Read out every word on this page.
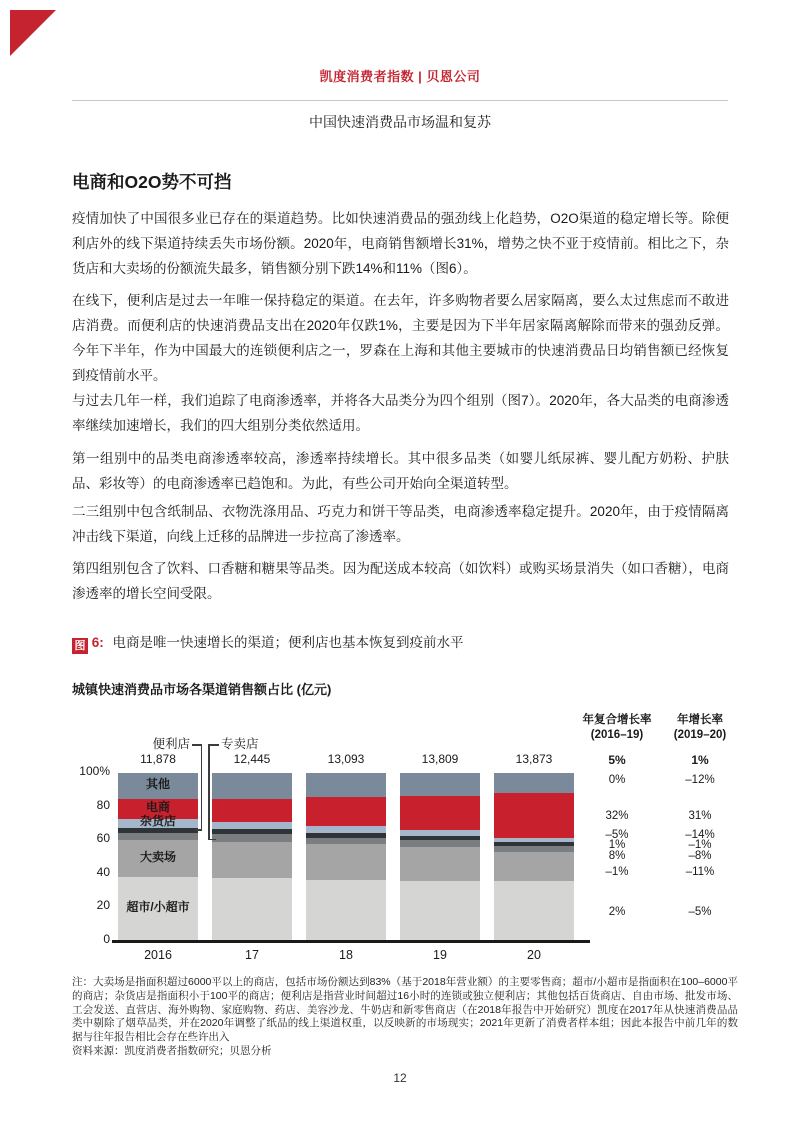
凯度消费者指数 | 贝恩公司
中国快速消费品市场温和复苏
电商和O2O势不可挡

疫情加快了中国很多业已存在的渠道趋势。比如快速消费品的强劲线上化趋势，O2O渠道的稳定增长等。除便利店外的线下渠道持续丢失市场份额。2020年，电商销售额增长31%，增势之快不亚于疫情前。相比之下，杂货店和大卖场的份额流失最多，销售额分别下跌14%和11%（图6）。

在线下，便利店是过去一年唯一保持稳定的渠道。在去年，许多购物者要么居家隔离，要么太过焦虑而不敢进店消费。而便利店的快速消费品支出在2020年仅跌1%，主要是因为下半年居家隔离解除而带来的强劲反弹。今年下半年，作为中国最大的连锁便利店之一，罗森在上海和其他主要城市的快速消费品日均销售额已经恢复到疫情前水平。

与过去几年一样，我们追踪了电商渗透率，并将各大品类分为四个组别（图7）。2020年，各大品类的电商渗透率继续加速增长，我们的四大组别分类依然适用。

第一组别中的品类电商渗透率较高，渗透率持续增长。其中很多品类（如婴儿纸尿裤、婴儿配方奶粉、护肤品、彩妆等）的电商渗透率已趋饱和。为此，有些公司开始向全渠道转型。

二三组别中包含纸制品、衣物洗涤用品、巧克力和饼干等品类，电商渗透率稳定提升。2020年，由于疫情隔离冲击线下渠道，向线上迁移的品牌进一步拉高了渗透率。

第四组别包含了饮料、口香糖和糖果等品类。因为配送成本较高（如饮料）或购买场景消失（如口香糖），电商渗透率的增长空间受限。

图 6: 电商是唯一快速增长的渠道；便利店也基本恢复到疫前水平
城镇快速消费品市场各渠道销售额占比 (亿元)
100%
80
60
40
20
0
11,878
2016
12,445
17
13,093
18
13,809
19
13,873
20
其他
电商
杂货店
大卖场
超市/小超市
便利店 专卖店
年复合增长率
(2016–19)
年增长率
(2019–20)
5%	1%
0%	–12%
32%	31%
–5%	–14%
1%	–1%
8%	–8%
–1%	–11%
2%	–5%
注：大卖场是指面积超过6000平以上的商店，包括市场份额达到83%（基于2018年营业额）的主要零售商；超市/小超市是指面积在100–6000平的商店；杂货店是指面积小于100平的商店；便利店是指营业时间超过16小时的连锁或独立便利店；其他包括百货商店、自由市场、批发市场、工会发送、直营店、海外购物、家庭购物、药店、美容沙龙、牛奶店和新零售商店（在2018年报告中开始研究）凯度在2017年从快速消费品品类中剔除了烟草品类，并在2020年调整了纸品的线上渠道权重，以反映新的市场现实；2021年更新了消费者样本组；因此本报告中前几年的数据与往年报告相比会存在些许出入
资料来源：凯度消费者指数研究；贝恩分析
12
